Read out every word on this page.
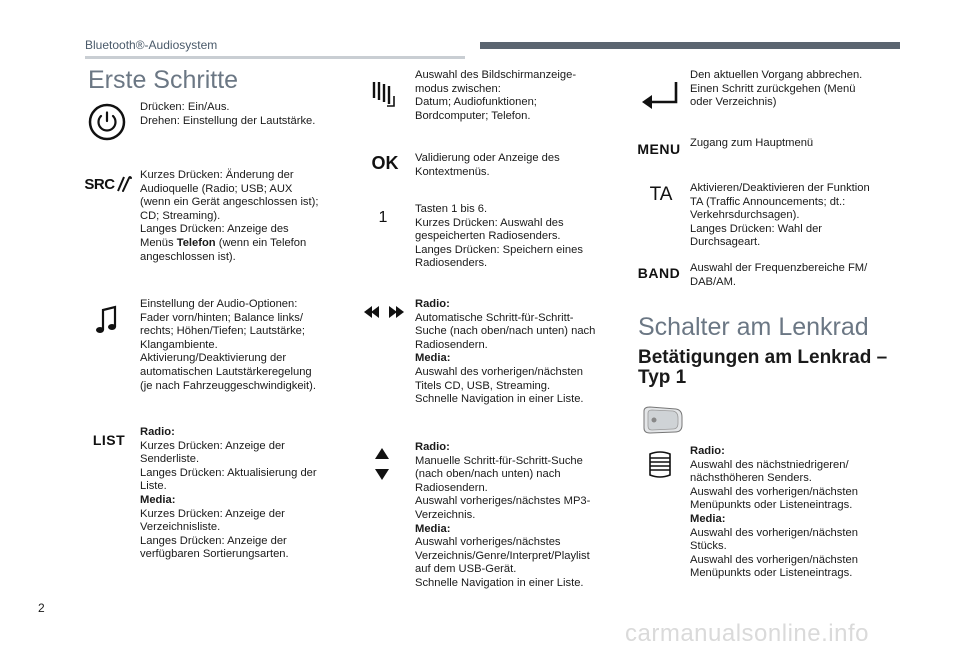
Bluetooth®-Audiosystem
Erste Schritte
Drücken: Ein/Aus.
Drehen: Einstellung der Lautstärke.
SRC
Kurzes Drücken: Änderung der
Audioquelle (Radio; USB; AUX
(wenn ein Gerät angeschlossen ist);
CD; Streaming).
Langes Drücken: Anzeige des
Menüs Telefon (wenn ein Telefon
angeschlossen ist).
Einstellung der Audio-Optionen:
Fader vorn/hinten; Balance links/
rechts; Höhen/Tiefen; Lautstärke;
Klangambiente.
Aktivierung/Deaktivierung der
automatischen Lautstärkeregelung
(je nach Fahrzeuggeschwindigkeit).
LIST Radio:
Kurzes Drücken: Anzeige der
Senderliste.
Langes Drücken: Aktualisierung der
Liste.
Media:
Kurzes Drücken: Anzeige der
Verzeichnisliste.
Langes Drücken: Anzeige der
verfügbaren Sortierungsarten.
Auswahl des Bildschirmanzeige-
modus zwischen:
Datum; Audiofunktionen;
Bordcomputer; Telefon.
OK Validierung oder Anzeige des
Kontextmenüs.
1 Tasten 1 bis 6.
Kurzes Drücken: Auswahl des
gespeicherten Radiosenders.
Langes Drücken: Speichern eines
Radiosenders.
Radio:
Automatische Schritt-für-Schritt-
Suche (nach oben/nach unten) nach
Radiosendern.
Media:
Auswahl des vorherigen/nächsten
Titels CD, USB, Streaming.
Schnelle Navigation in einer Liste.
Radio:
Manuelle Schritt-für-Schritt-Suche
(nach oben/nach unten) nach
Radiosendern.
Auswahl vorheriges/nächstes MP3-
Verzeichnis.
Media:
Auswahl vorheriges/nächstes
Verzeichnis/Genre/Interpret/Playlist
auf dem USB-Gerät.
Schnelle Navigation in einer Liste.
Den aktuellen Vorgang abbrechen.
Einen Schritt zurückgehen (Menü
oder Verzeichnis)
MENU Zugang zum Hauptmenü
TA Aktivieren/Deaktivieren der Funktion
TA (Traffic Announcements; dt.:
Verkehrsdurchsagen).
Langes Drücken: Wahl der
Durchsageart.
BAND Auswahl der Frequenzbereiche FM/
DAB/AM.
Schalter am Lenkrad
Betätigungen am Lenkrad –
Typ 1
Radio:
Auswahl des nächstniedrigeren/
nächsthöheren Senders.
Auswahl des vorherigen/nächsten
Menüpunkts oder Listeneintrags.
Media:
Auswahl des vorherigen/nächsten
Stücks.
Auswahl des vorherigen/nächsten
Menüpunkts oder Listeneintrags.
2
carmanualsonline.info
